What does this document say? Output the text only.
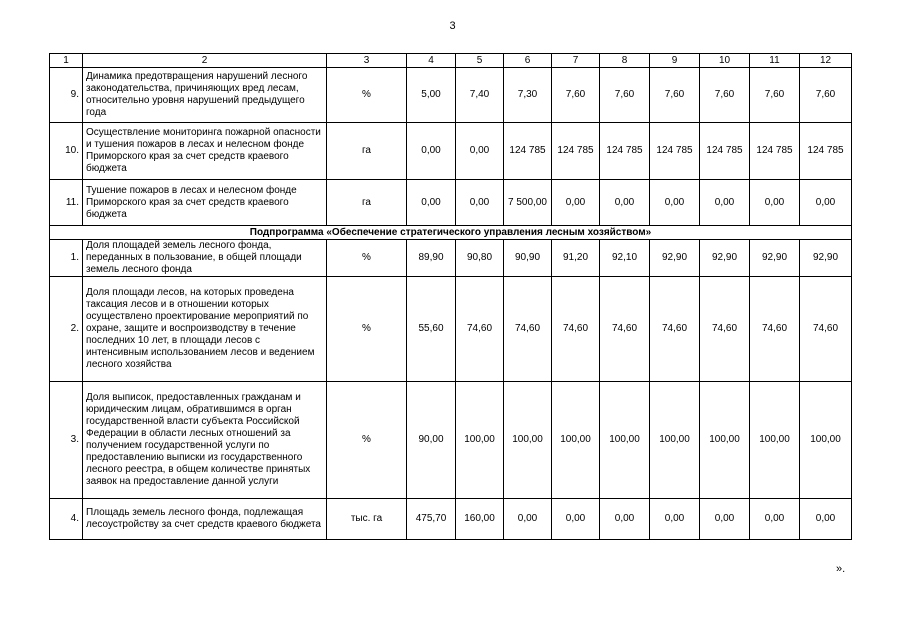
3
1	2	3	4	5	6	7	8	9	10	11	12
9.	Динамика предотвращения нарушений лесного законодательства, причиняющих вред лесам, относительно уровня нарушений предыдущего года	%	5,00	7,40	7,30	7,60	7,60	7,60	7,60	7,60	7,60
10.	Осуществление мониторинга пожарной опасности и тушения пожаров в лесах и нелесном фонде Приморского края за счет средств краевого бюджета	га	0,00	0,00	124 785	124 785	124 785	124 785	124 785	124 785	124 785
11.	Тушение пожаров в лесах и нелесном фонде Приморского края за счет средств краевого бюджета	га	0,00	0,00	7 500,00	0,00	0,00	0,00	0,00	0,00	0,00
Подпрограмма «Обеспечение стратегического управления лесным хозяйством»											
1.	Доля площадей земель лесного фонда, переданных в пользование, в общей площади земель лесного фонда	%	89,90	90,80	90,90	91,20	92,10	92,90	92,90	92,90	92,90
2.	Доля площади лесов, на которых проведена таксация лесов и в отношении которых осуществлено проектирование мероприятий по охране, защите и воспроизводству в течение последних 10 лет, в площади лесов с интенсивным использованием лесов и ведением лесного хозяйства	%	55,60	74,60	74,60	74,60	74,60	74,60	74,60	74,60	74,60
3.	Доля выписок, предоставленных гражданам и юридическим лицам, обратившимся в орган государственной власти субъекта Российской Федерации в области лесных отношений за получением государственной услуги по предоставлению выписки из государственного лесного реестра, в общем количестве принятых заявок на предоставление данной услуги	%	90,00	100,00	100,00	100,00	100,00	100,00	100,00	100,00	100,00
4.	Площадь земель лесного фонда, подлежащая лесоустройству за счет средств краевого бюджета	тыс. га	475,70	160,00	0,00	0,00	0,00	0,00	0,00	0,00	0,00
».
